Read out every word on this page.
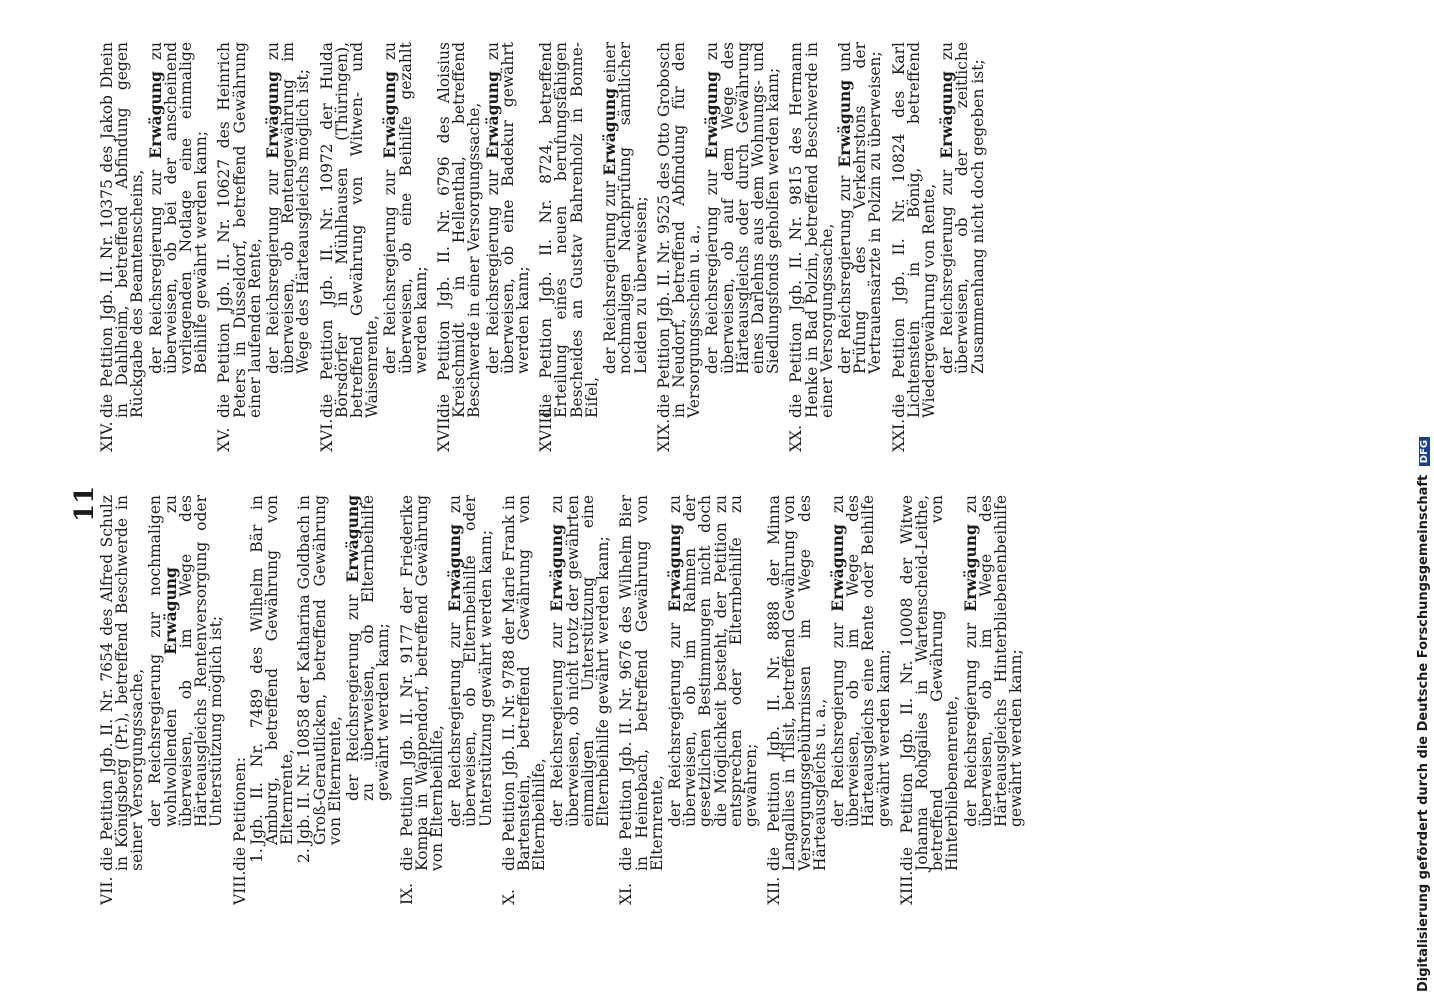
11
VII.
die Petition Jgb. II. Nr. 7654 des Alfred Schulz in Königsberg (Pr.), betreffend Beschwerde in seiner Versorgungssache, der Reichsregierung zur nochmaligen wohlwollenden Erwägung zu überweisen, ob im Wege des Härteausgleichs Rentenversorgung oder Unterstützung möglich ist;
VIII.
die Petitionen: 1.
Jgb. II. Nr. 7489 des Wilhelm Bär in Amburg, betreffend Gewährung von Elternrente,
2.
Jgb. II. Nr. 10858 der Katharina Goldbach in Groß-Gerautlicken, betreffend Gewährung von Elternrente, der Reichsregierung zur Erwägung zu überweisen, ob Elternbeihilfe gewährt werden kann;
IX.
die Petition Jgb. II. Nr. 9177 der Friederike Kompa in Wappendorf, betreffend Gewährung von Elternbeihilfe, der Reichsregierung zur Erwägung zu überweisen, ob Elternbeihilfe oder Unterstützung gewährt werden kann;
X.
die Petition Jgb. II. Nr. 9788 der Marie Frank in Bartenstein, betreffend Gewährung von Elternbeihilfe, der Reichsregierung zur Erwägung zu überweisen, ob nicht trotz der gewährten einmaligen Unterstützung eine Elternbeihilfe gewährt werden kann;
XI.
die Petition Jgb. II. Nr. 9676 des Wilhelm Bier in Heinebach, betreffend Gewährung von Elternrente, der Reichsregierung zur Erwägung zu überweisen, ob im Rahmen der gesetzlichen Bestimmungen nicht doch die Möglichkeit besteht, der Petition zu entsprechen oder Elternbeihilfe zu gewähren;
XII.
die Petition Jgb. II. Nr. 8888 der Minna Langallies in Tilsit, betreffend Gewährung von Versorgungsgebührnissen im Wege des Härteausgleichs u. a., der Reichsregierung zur Erwägung zu überweisen, ob im Wege des Härteausgleichs eine Rente oder Beihilfe gewährt werden kann;
XIII.
die Petition Jgb. II. Nr. 10008 der Witwe Johanna Rohgalies in Wartenscheid-Leithe, betreffend Gewährung von Hinterbliebenenrente, der Reichsregierung zur Erwägung zu überweisen, ob im Wege des Härteausgleichs Hinterbliebenenbeihilfe gewährt werden kann;
XIV.
die Petition Jgb. II. Nr. 10375 des Jakob Dhein in Dahlheim, betreffend Abfindung gegen Rückgabe des Beamtenscheins, der Reichsregierung zur Erwägung zu überweisen, ob bei der anscheinend vorliegenden Notlage eine einmalige Beihilfe gewährt werden kann;
XV.
die Petition Jgb. II. Nr. 10627 des Heinrich Peters in Düsseldorf, betreffend Gewährung einer laufenden Rente, der Reichsregierung zur Erwägung zu überweisen, ob Rentengewährung im Wege des Härteausgleichs möglich ist;
XVI.
die Petition Jgb. II. Nr. 10972 der Hulda Börsdörfer in Mühlhausen (Thüringen), betreffend Gewährung von Witwen- und Waisenrente, der Reichsregierung zur Erwägung zu überweisen, ob eine Beihilfe gezahlt werden kann;
XVII.
die Petition Jgb. II. Nr. 6796 des Aloisius Kreischmidt in Hellenthal, betreffend Beschwerde in einer Versorgungssache, der Reichsregierung zur Erwägung zu überweisen, ob eine Badekur gewährt werden kann;
XVIII.
die Petition Jgb. II. Nr. 8724, betreffend Erteilung eines neuen berufungsfähigen Bescheides an Gustav Bahrenholz in Bonne-Eifel,
der Reichsregierung zur Erwägung einer nochmaligen Nachprüfung sämtlicher Leiden zu überweisen;
XIX.
die Petition Jgb. II. Nr. 9525 des Otto Grobosch in Neudorf, betreffend Abfindung für den Versorgungsschein u. a., der Reichsregierung zur Erwägung zu überweisen, ob auf dem Wege des Härteausgleichs oder durch Gewährung eines Darlehns aus dem Wohnungs- und Siedlungsfonds geholfen werden kann;
XX.
die Petition Jgb. II. Nr. 9815 des Hermann Henke in Bad Polzin, betreffend Beschwerde in einer Versorgungssache, der Reichsregierung zur Erwägung und Prüfung des Verkehrstons der Vertrauensärzte in Polzin zu überweisen;
XXI.
die Petition Jgb. II. Nr. 10824 des Karl Lichtenstein in Bönig, betreffend Wiedergewährung von Rente, der Reichsregierung zur Erwägung zu überweisen, ob der zeitliche Zusammenhang nicht doch gegeben ist;
Digitalisierung gefördert durch die Deutsche Forschungsgemeinschaft DFG
